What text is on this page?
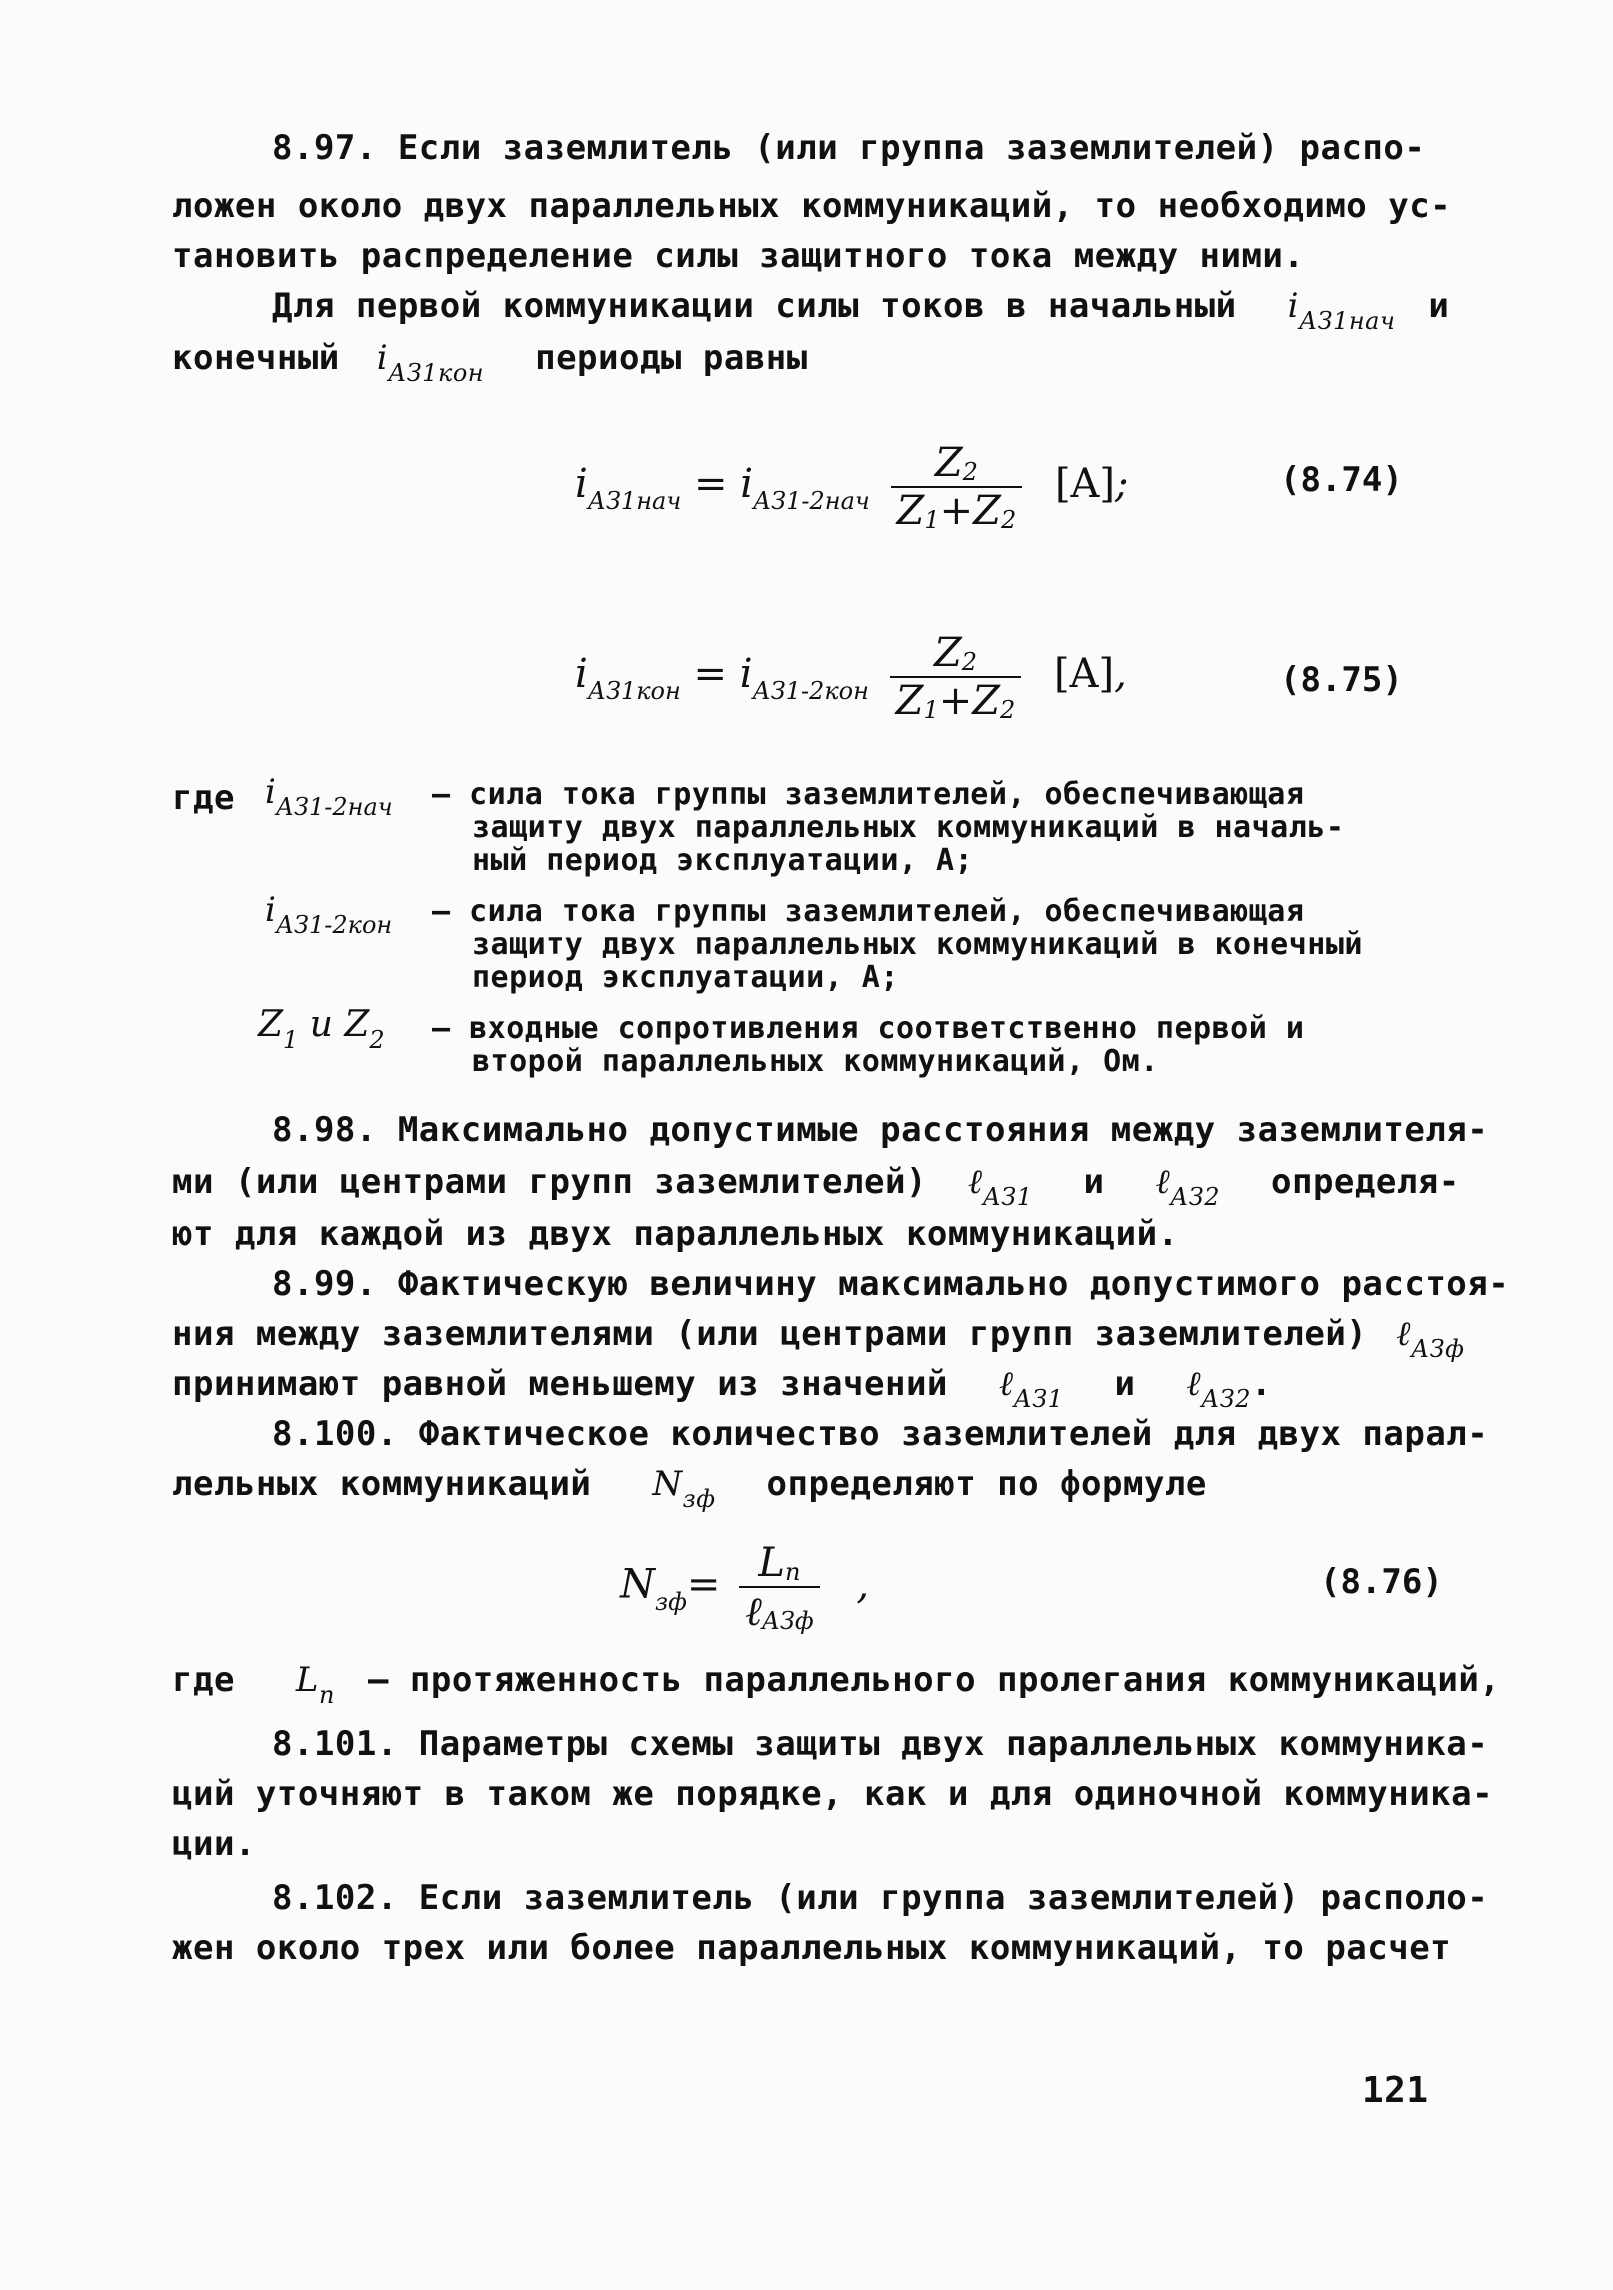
8.97. Если заземлитель (или группа заземлителей) распо-
ложен около двух параллельных коммуникаций, то необходимо ус-
тановить распределение силы защитного тока между ними.
Для первой коммуникации силы токов в начальный $i_{АЗ1нач}$ и
конечный $i_{АЗ1кон}$ периоды равны
$i_{АЗ1нач} = i_{АЗ1-2нач} \frac{Z2}{Z1+Z2} [A]$;	(8.74)
$i_{АЗ1кон} = i_{АЗ1-2кон} \frac{Z2}{Z1+Z2} [A]$,	(8.75)
где $i_{АЗ1-2нач}$ – сила тока группы заземлителей, обеспечивающая
защиту двух параллельных коммуникаций в началь-
ный период эксплуатации, А;
$i_{АЗ1-2кон}$ – сила тока группы заземлителей, обеспечивающая
защиту двух параллельных коммуникаций в конечный
период эксплуатации, А;
$Z_1$ и $Z_2$ – входные сопротивления соответственно первой и
второй параллельных коммуникаций, Ом.
8.98. Максимально допустимые расстояния между заземлителя-
ми (или центрами групп заземлителей) ℓ$_{АЗ1}$ и ℓ$_{АЗ2}$ определя-
ют для каждой из двух параллельных коммуникаций.
8.99. Фактическую величину максимально допустимого расстоя-
ния между заземлителями (или центрами групп заземлителей) ℓ$_{АЗф}$
принимают равной меньшему из значений ℓ$_{АЗ1}$ и ℓ$_{АЗ2}$.
8.100. Фактическое количество заземлителей для двух парал-
лельных коммуникаций $N_{зф}$ определяют по формуле
$N_{зф}= \frac{Lп}{\text{ℓАЗф}}$ ,	(8.76)
где $L_п$ – протяженность параллельного пролегания коммуникаций,
8.101. Параметры схемы защиты двух параллельных коммуника-
ций уточняют в таком же порядке, как и для одиночной коммуника-
ции.
8.102. Если заземлитель (или группа заземлителей) располо-
жен около трех или более параллельных коммуникаций, то расчет
121
